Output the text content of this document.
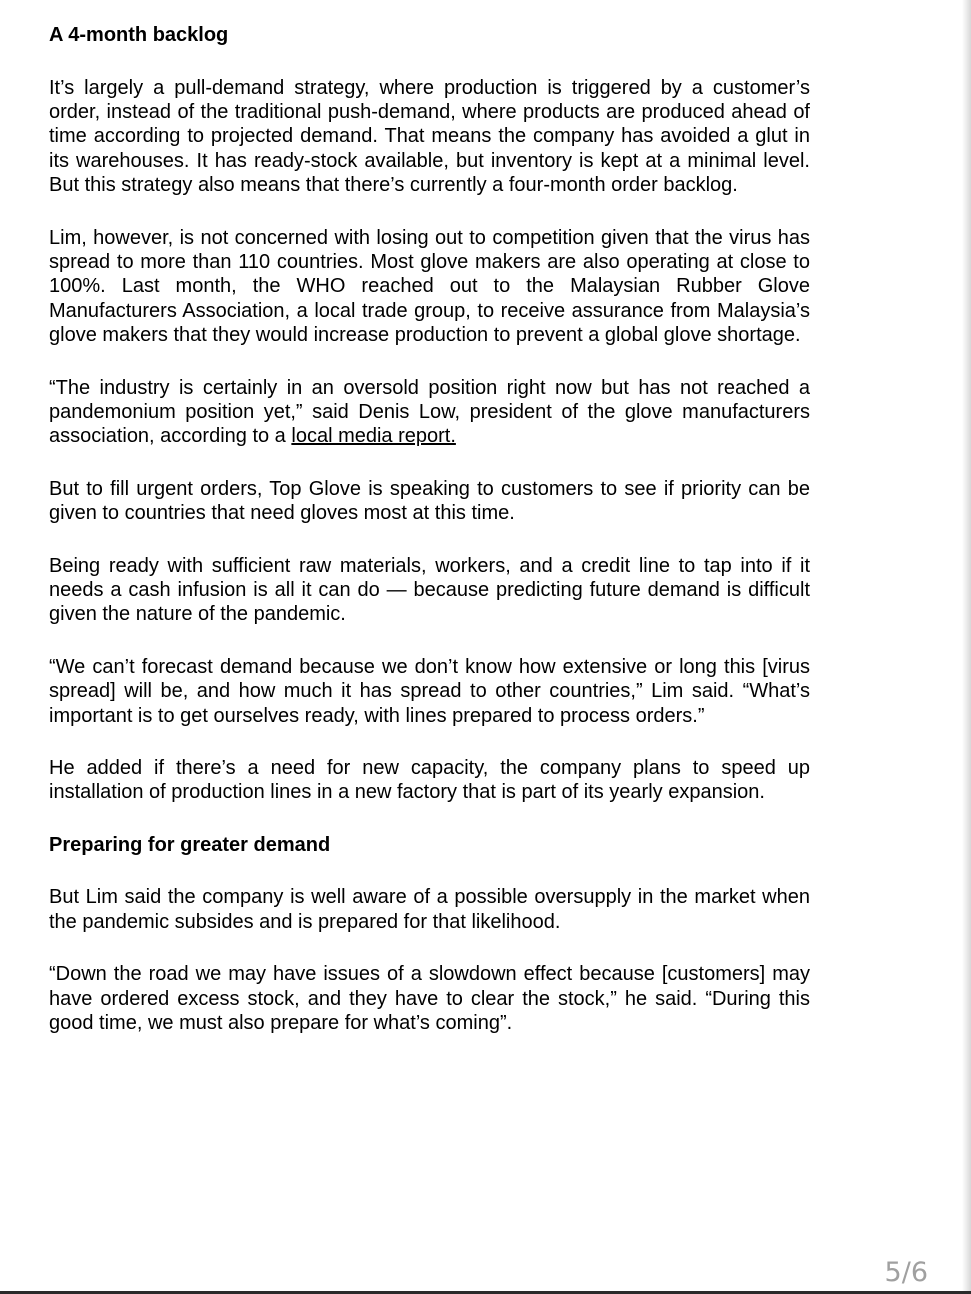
A 4-month backlog

It’s largely a pull-demand strategy, where production is triggered by a customer’s order, instead of the traditional push-demand, where products are produced ahead of time according to projected demand. That means the company has avoided a glut in its warehouses. It has ready-stock available, but inventory is kept at a minimal level. But this strategy also means that there’s currently a four-month order backlog.

Lim, however, is not concerned with losing out to competition given that the virus has spread to more than 110 countries. Most glove makers are also operating at close to 100%. Last month, the WHO reached out to the Malaysian Rubber Glove Manufacturers Association, a local trade group, to receive assurance from Malaysia’s glove makers that they would increase production to prevent a global glove shortage.

“The industry is certainly in an oversold position right now but has not reached a pandemonium position yet,” said Denis Low, president of the glove manufacturers association, according to a local media report.

But to fill urgent orders, Top Glove is speaking to customers to see if priority can be given to countries that need gloves most at this time.

Being ready with sufficient raw materials, workers, and a credit line to tap into if it needs a cash infusion is all it can do — because predicting future demand is difficult given the nature of the pandemic.

“We can’t forecast demand because we don’t know how extensive or long this [virus spread] will be, and how much it has spread to other countries,” Lim said. “What’s important is to get ourselves ready, with lines prepared to process orders.”

He added if there’s a need for new capacity, the company plans to speed up installation of production lines in a new factory that is part of its yearly expansion.

Preparing for greater demand

But Lim said the company is well aware of a possible oversupply in the market when the pandemic subsides and is prepared for that likelihood.

“Down the road we may have issues of a slowdown effect because [customers] may have ordered excess stock, and they have to clear the stock,” he said. “During this good time, we must also prepare for what’s coming”.

5/6
